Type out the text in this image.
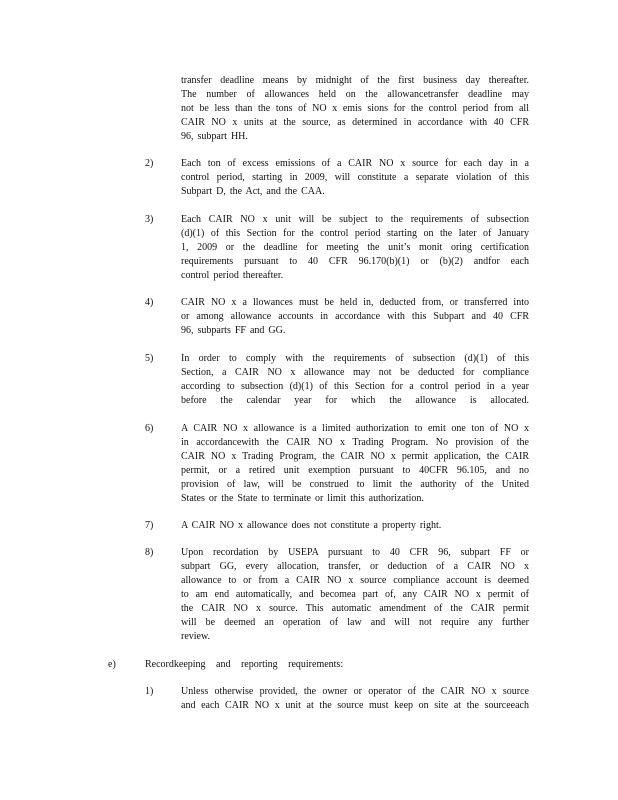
transfer deadline means by midnight of the first business day thereafter.
The number of allowances held on the allowancetransfer deadline may
not be less than the tons of NO x emis sions for the control period from all
CAIR NO x units at the source, as determined in accordance with 40 CFR
96, subpart HH.
2)	Each ton of excess emissions of a CAIR NO x source for each day in a
control period, starting in 2009, will constitute a separate violation of this
Subpart D, the Act, and the CAA.
3)	Each CAIR NO x unit will be subject to the requirements of subsection
(d)(1) of this Section for the control period starting on the later of January
1, 2009 or the deadline for meeting the unit’s monit oring certification
requirements pursuant to 40 CFR 96.170(b)(1) or (b)(2) andfor each
control period thereafter.
4)	CAIR NO x a llowances must be held in, deducted from, or transferred into
or among allowance accounts in accordance with this Subpart and 40 CFR
96, subparts FF and GG.
5)	In order to comply with the requirements of subsection (d)(1) of this
Section, a CAIR NO x allowance may not be deducted for compliance
according to subsection (d)(1) of this Section for a control period in a year
before the calendar year for which the allowance is allocated.
6)	A CAIR NO x allowance is a limited authorization to emit one ton of NO x
in accordancewith the CAIR NO x Trading Program. No provision of the
CAIR NO x Trading Program, the CAIR NO x permit application, the CAIR
permit, or a retired unit exemption pursuant to 40CFR 96.105, and no
provision of law, will be construed to limit the authority of the United
States or the State to terminate or limit this authorization.
7)	A CAIR NO x allowance does not constitute a property right.
8)	Upon recordation by USEPA pursuant to 40 CFR 96, subpart FF or
subpart GG, every allocation, transfer, or deduction of a CAIR NO x
allowance to or from a CAIR NO x source compliance account is deemed
to am end automatically, and becomea part of, any CAIR NO x permit of
the CAIR NO x source. This automatic amendment of the CAIR permit
will be deemed an operation of law and will not require any further
review.
e)	Recordkeeping and reporting requirements:
1)	Unless otherwise provided, the owner or operator of the CAIR NO x source
and each CAIR NO x unit at the source must keep on site at the sourceeach
